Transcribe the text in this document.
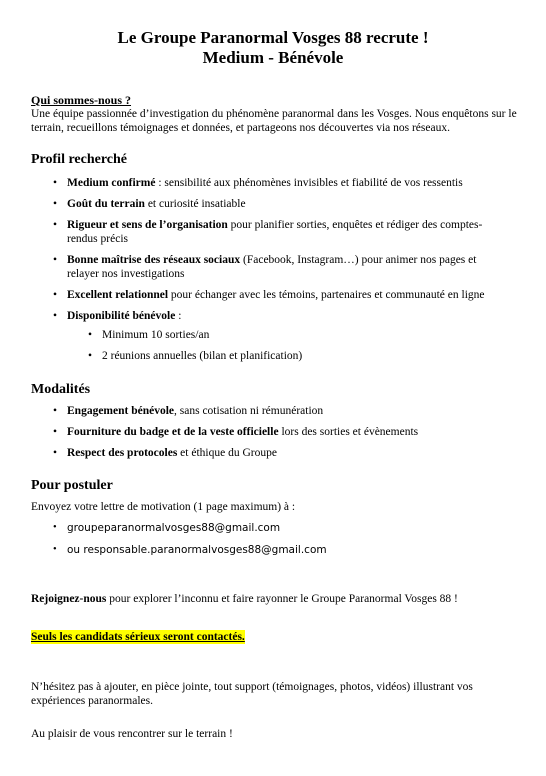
Le Groupe Paranormal Vosges 88 recrute !
Medium - Bénévole
Qui sommes-nous ?
Une équipe passionnée d’investigation du phénomène paranormal dans les Vosges. Nous enquêtons sur le terrain, recueillons témoignages et données, et partageons nos découvertes via nos réseaux.
Profil recherché
• Medium confirmé : sensibilité aux phénomènes invisibles et fiabilité de vos ressentis
• Goût du terrain et curiosité insatiable
• Rigueur et sens de l’organisation pour planifier sorties, enquêtes et rédiger des comptes-rendus précis
• Bonne maîtrise des réseaux sociaux (Facebook, Instagram…) pour animer nos pages et relayer nos investigations
• Excellent relationnel pour échanger avec les témoins, partenaires et communauté en ligne
• Disponibilité bénévole :
• Minimum 10 sorties/an
• 2 réunions annuelles (bilan et planification)
Modalités
• Engagement bénévole, sans cotisation ni rémunération
• Fourniture du badge et de la veste officielle lors des sorties et évènements
• Respect des protocoles et éthique du Groupe
Pour postuler
Envoyez votre lettre de motivation (1 page maximum) à :
• groupeparanormalvosges88@gmail.com
• ou responsable.paranormalvosges88@gmail.com
Rejoignez-nous pour explorer l’inconnu et faire rayonner le Groupe Paranormal Vosges 88 !
Seuls les candidats sérieux seront contactés.
N’hésitez pas à ajouter, en pièce jointe, tout support (témoignages, photos, vidéos) illustrant vos expériences paranormales.
Au plaisir de vous rencontrer sur le terrain !
